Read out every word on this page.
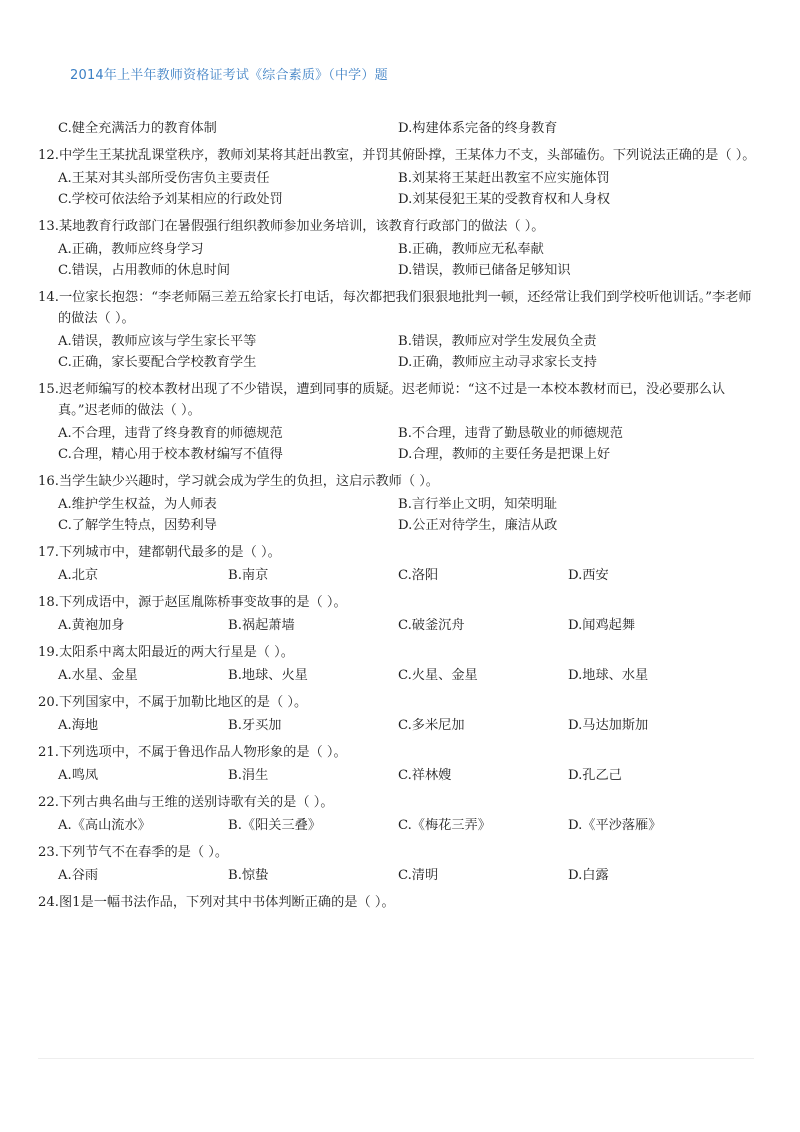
2014年上半年教师资格证考试《综合素质》（中学）题
C.健全充满活力的教育体制	D.构建体系完备的终身教育
12.中学生王某扰乱课堂秩序，教师刘某将其赶出教室，并罚其俯卧撑，王某体力不支，头部磕伤。下列说法正确的是（ ）。
A.王某对其头部所受伤害负主要责任	B.刘某将王某赶出教室不应实施体罚
C.学校可依法给予刘某相应的行政处罚	D.刘某侵犯王某的受教育权和人身权
13.某地教育行政部门在暑假强行组织教师参加业务培训，该教育行政部门的做法（ ）。
A.正确，教师应终身学习	B.正确，教师应无私奉献
C.错误，占用教师的休息时间	D.错误，教师已储备足够知识
14.一位家长抱怨：“李老师隔三差五给家长打电话，每次都把我们狠狠地批判一顿，还经常让我们到学校听他训话。”李老师的做法（ ）。
A.错误，教师应该与学生家长平等	B.错误，教师应对学生发展负全责
C.正确，家长要配合学校教育学生	D.正确，教师应主动寻求家长支持
15.迟老师编写的校本教材出现了不少错误，遭到同事的质疑。迟老师说：“这不过是一本校本教材而已，没必要那么认真。”迟老师的做法（ ）。
A.不合理，违背了终身教育的师德规范	B.不合理，违背了勤恳敬业的师德规范
C.合理，精心用于校本教材编写不值得	D.合理，教师的主要任务是把课上好
16.当学生缺少兴趣时，学习就会成为学生的负担，这启示教师（ ）。
A.维护学生权益，为人师表	B.言行举止文明，知荣明耻
C.了解学生特点，因势利导	D.公正对待学生，廉洁从政
17.下列城市中，建都朝代最多的是（ ）。
A.北京	B.南京	C.洛阳	D.西安
18.下列成语中，源于赵匡胤陈桥事变故事的是（ ）。
A.黄袍加身	B.祸起萧墙	C.破釜沉舟	D.闻鸡起舞
19.太阳系中离太阳最近的两大行星是（ ）。
A.水星、金星	B.地球、火星	C.火星、金星	D.地球、水星
20.下列国家中，不属于加勒比地区的是（ ）。
A.海地	B.牙买加	C.多米尼加	D.马达加斯加
21.下列选项中，不属于鲁迅作品人物形象的是（ ）。
A.鸣凤	B.涓生	C.祥林嫂	D.孔乙己
22.下列古典名曲与王维的送别诗歌有关的是（ ）。
A.《高山流水》	B.《阳关三叠》	C.《梅花三弄》	D.《平沙落雁》
23.下列节气不在春季的是（ ）。
A.谷雨	B.惊蛰	C.清明	D.白露
24.图1是一幅书法作品，下列对其中书体判断正确的是（ ）。
